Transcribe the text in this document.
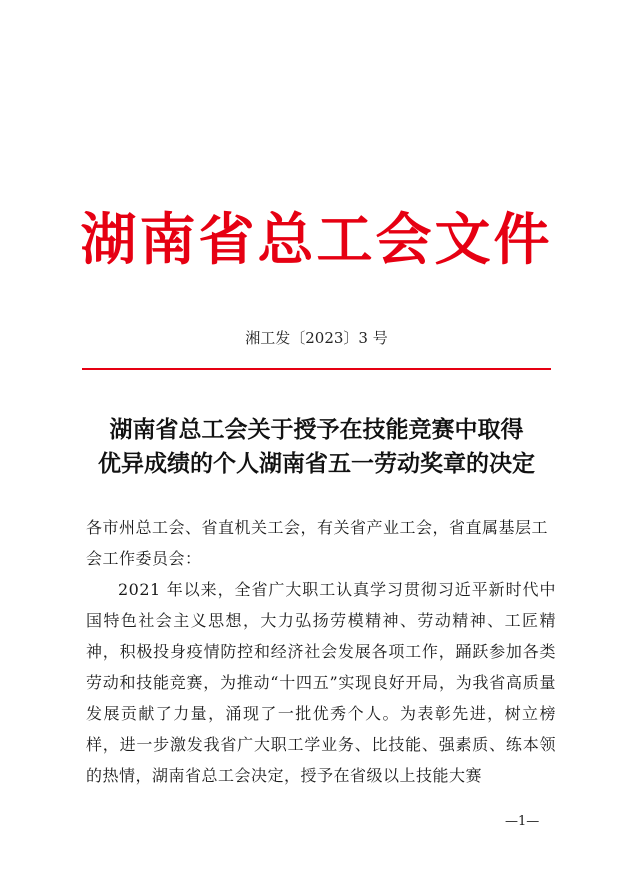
湖南省总工会文件
湘工发〔2023〕3 号
湖南省总工会关于授予在技能竞赛中取得
优异成绩的个人湖南省五一劳动奖章的决定
各市州总工会、省直机关工会，有关省产业工会，省直属基层工会工作委员会：
2021 年以来，全省广大职工认真学习贯彻习近平新时代中国特色社会主义思想，大力弘扬劳模精神、劳动精神、工匠精神，积极投身疫情防控和经济社会发展各项工作，踊跃参加各类劳动和技能竞赛，为推动“十四五”实现良好开局，为我省高质量发展贡献了力量，涌现了一批优秀个人。为表彰先进，树立榜样，进一步激发我省广大职工学业务、比技能、强素质、练本领的热情，湖南省总工会决定，授予在省级以上技能大赛
—1—
